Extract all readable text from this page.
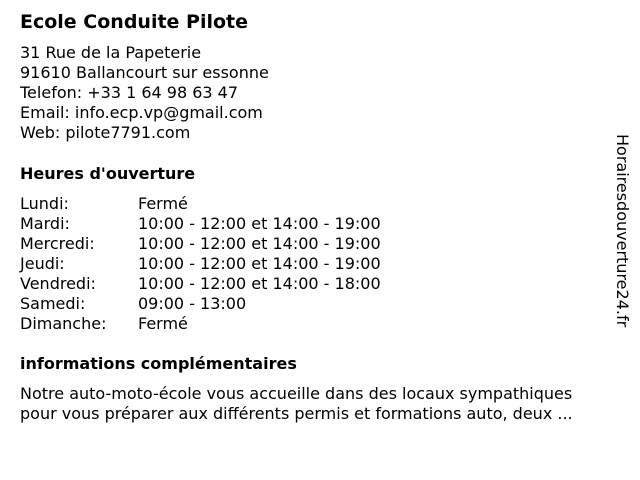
Ecole Conduite Pilote
31 Rue de la Papeterie
91610 Ballancourt sur essonne
Telefon: +33 1 64 98 63 47
Email: info.ecp.vp@gmail.com
Web: pilote7791.com
Heures d'ouverture
Lundi:	Fermé
Mardi:	10:00 - 12:00 et 14:00 - 19:00
Mercredi:	10:00 - 12:00 et 14:00 - 19:00
Jeudi:	10:00 - 12:00 et 14:00 - 19:00
Vendredi:	10:00 - 12:00 et 14:00 - 18:00
Samedi:	09:00 - 13:00
Dimanche: Fermé
informations complémentaires
Notre auto-moto-école vous accueille dans des locaux sympathiques
pour vous préparer aux différents permis et formations auto, deux ...
Horairesdouverture24.fr
